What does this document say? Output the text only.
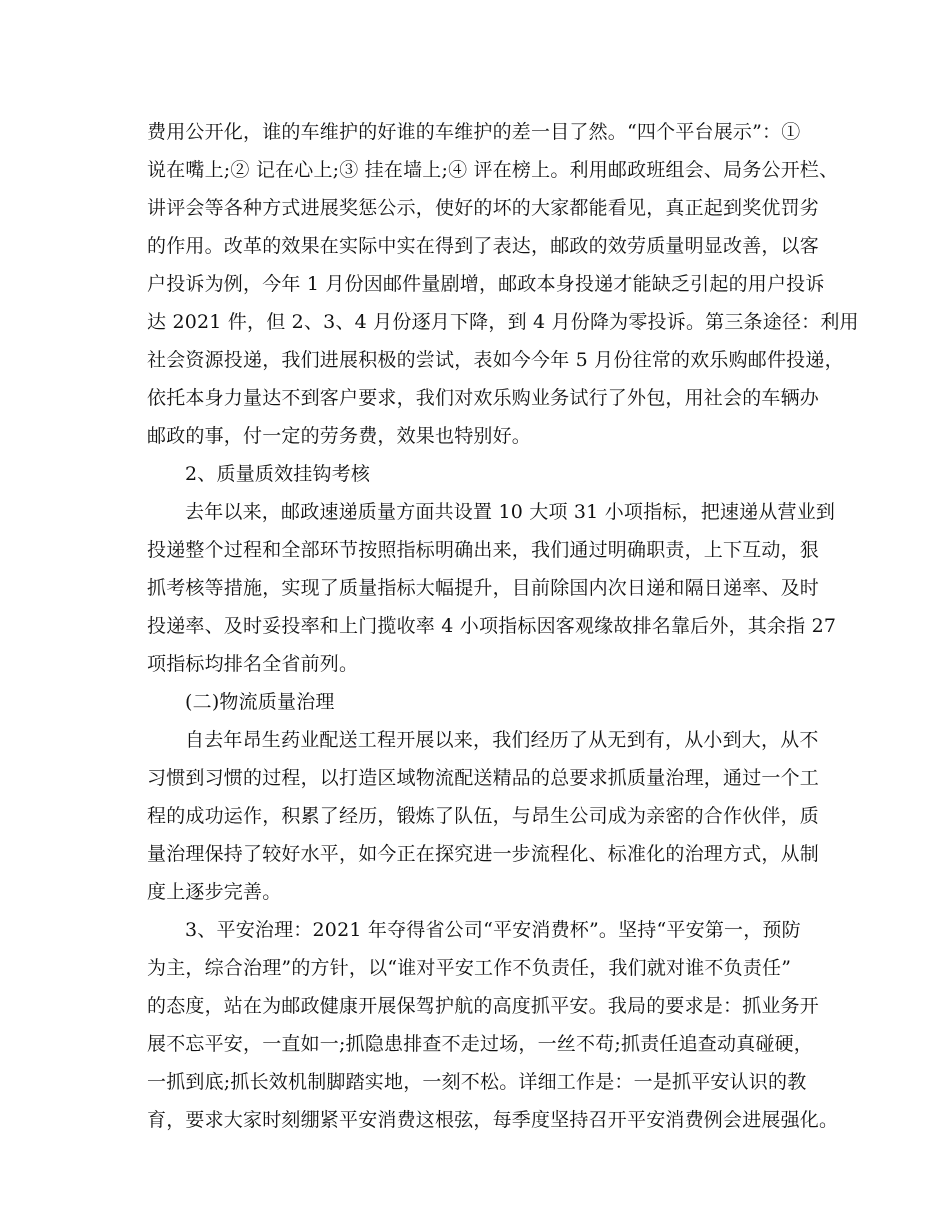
费用公开化，谁的车维护的好谁的车维护的差一目了然。“四个平台展示”：①
说在嘴上;② 记在心上;③ 挂在墙上;④ 评在榜上。利用邮政班组会、局务公开栏、
讲评会等各种方式进展奖惩公示，使好的坏的大家都能看见，真正起到奖优罚劣
的作用。改革的效果在实际中实在得到了表达，邮政的效劳质量明显改善，以客
户投诉为例，今年 1 月份因邮件量剧增，邮政本身投递才能缺乏引起的用户投诉
达 2021 件，但 2、3、4 月份逐月下降，到 4 月份降为零投诉。第三条途径：利用
社会资源投递，我们进展积极的尝试，表如今今年 5 月份往常的欢乐购邮件投递，
依托本身力量达不到客户要求，我们对欢乐购业务试行了外包，用社会的车辆办
邮政的事，付一定的劳务费，效果也特别好。
2、质量质效挂钩考核
去年以来，邮政速递质量方面共设置 10 大项 31 小项指标，把速递从营业到
投递整个过程和全部环节按照指标明确出来，我们通过明确职责，上下互动，狠
抓考核等措施，实现了质量指标大幅提升，目前除国内次日递和隔日递率、及时
投递率、及时妥投率和上门揽收率 4 小项指标因客观缘故排名靠后外，其余指 27
项指标均排名全省前列。
(二)物流质量治理
自去年昂生药业配送工程开展以来，我们经历了从无到有，从小到大，从不
习惯到习惯的过程，以打造区域物流配送精品的总要求抓质量治理，通过一个工
程的成功运作，积累了经历，锻炼了队伍，与昂生公司成为亲密的合作伙伴，质
量治理保持了较好水平，如今正在探究进一步流程化、标准化的治理方式，从制
度上逐步完善。
3、平安治理：2021 年夺得省公司“平安消费杯”。坚持“平安第一，预防
为主，综合治理”的方针，以“谁对平安工作不负责任，我们就对谁不负责任”
的态度，站在为邮政健康开展保驾护航的高度抓平安。我局的要求是：抓业务开
展不忘平安，一直如一;抓隐患排查不走过场，一丝不苟;抓责任追查动真碰硬，
一抓到底;抓长效机制脚踏实地，一刻不松。详细工作是：一是抓平安认识的教
育，要求大家时刻绷紧平安消费这根弦，每季度坚持召开平安消费例会进展强化。
